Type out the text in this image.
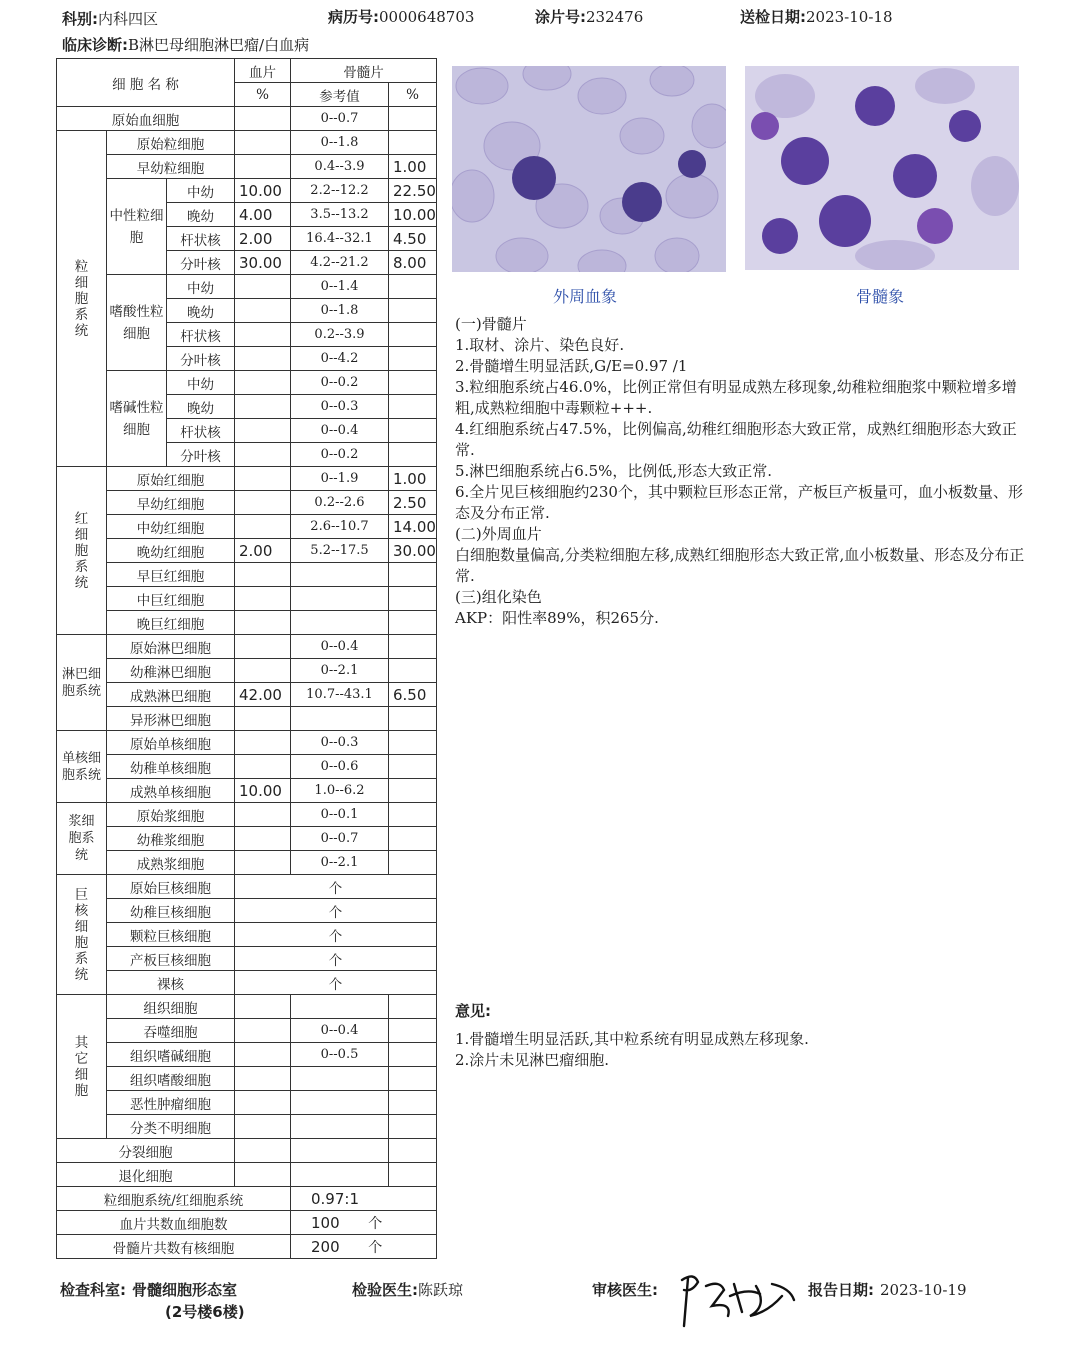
科别:内科四区	病历号:0000648703	涂片号:232476	送检日期:2023-10-18
临床诊断:B淋巴母细胞淋巴瘤/白血病
细 胞 名 称			血片	骨髓片	
			%	参考值	%
原始血细胞				0--0.7	
粒细胞系统	原始粒细胞			0--1.8	
	早幼粒细胞			0.4--3.9	1.00
	中性粒细胞	中幼	10.00	2.2--12.2	22.50
		晚幼	4.00	3.5--13.2	10.00
		杆状核	2.00	16.4--32.1	4.50
		分叶核	30.00	4.2--21.2	8.00
	嗜酸性粒细胞	中幼		0--1.4	
		晚幼		0--1.8	
		杆状核		0.2--3.9	
		分叶核		0--4.2	
	嗜碱性粒细胞	中幼		0--0.2	
		晚幼		0--0.3	
		杆状核		0--0.4	
		分叶核		0--0.2	
红细胞系统	原始红细胞			0--1.9	1.00
	早幼红细胞			0.2--2.6	2.50
	中幼红细胞			2.6--10.7	14.00
	晚幼红细胞		2.00	5.2--17.5	30.00
	早巨红细胞				
	中巨红细胞				
	晚巨红细胞				
淋巴细胞系统	原始淋巴细胞			0--0.4	
	幼稚淋巴细胞			0--2.1	
	成熟淋巴细胞		42.00	10.7--43.1	6.50
	异形淋巴细胞				
单核细胞系统	原始单核细胞			0--0.3	
	幼稚单核细胞			0--0.6	
	成熟单核细胞		10.00	1.0--6.2	
浆细胞系统	原始浆细胞			0--0.1	
	幼稚浆细胞			0--0.7	
	成熟浆细胞			0--2.1	
巨核细胞系统	原始巨核细胞		个		
	幼稚巨核细胞		个		
	颗粒巨核细胞		个		
	产板巨核细胞		个		
	裸核		个		
其它细胞	组织细胞				
	吞噬细胞			0--0.4	
	组织嗜碱细胞			0--0.5	
	组织嗜酸细胞				
	恶性肿瘤细胞				
	分类不明细胞				
分裂细胞					
退化细胞					
粒细胞系统/红细胞系统				0.97:1	
血片共数血细胞数				100 个	
骨髓片共数有核细胞				200 个	
外周血象	骨髓象
(一)骨髓片
1.取材、涂片、染色良好.
2.骨髓增生明显活跃,G/E=0.97 /1
3.粒细胞系统占46.0%，比例正常但有明显成熟左移现象,幼稚粒细胞浆中颗粒增多增粗,成熟粒细胞中毒颗粒+++.
4.红细胞系统占47.5%，比例偏高,幼稚红细胞形态大致正常，成熟红细胞形态大致正常.
5.淋巴细胞系统占6.5%，比例低,形态大致正常.
6.全片见巨核细胞约230个，其中颗粒巨形态正常，产板巨产板量可，血小板数量、形态及分布正常.
(二)外周血片
白细胞数量偏高,分类粒细胞左移,成熟红细胞形态大致正常,血小板数量、形态及分布正常.
(三)组化染色
AKP：阳性率89%，积265分.
意见:
1.骨髓增生明显活跃,其中粒系统有明显成熟左移现象.
2.涂片未见淋巴瘤细胞.
检查科室: 骨髓细胞形态室
(2号楼6楼)
检验医生:陈跃琼	审核医生:	报告日期: 2023-10-19
